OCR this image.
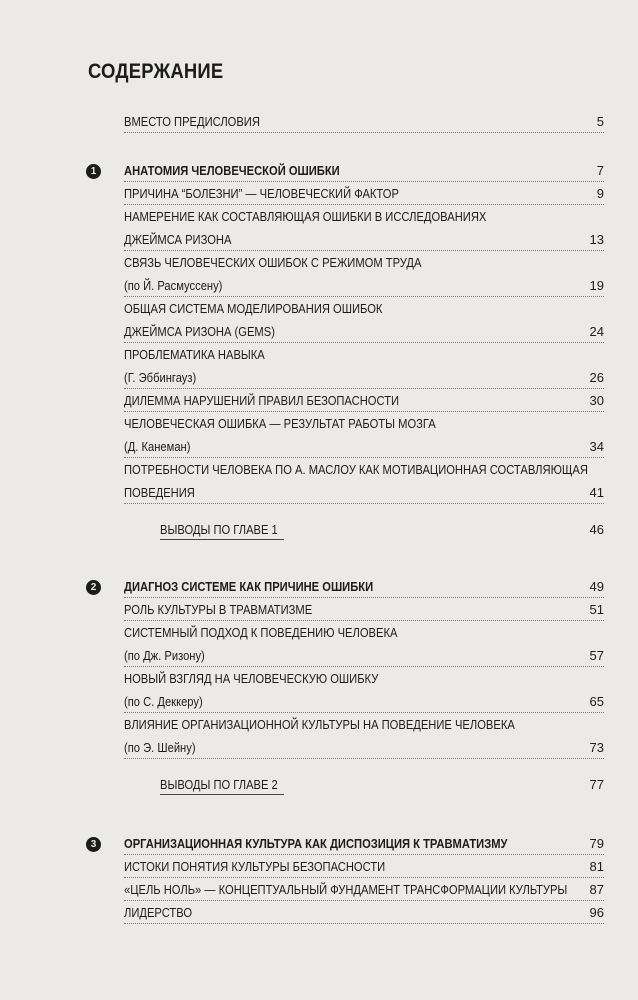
СОДЕРЖАНИЕ
ВМЕСТО ПРЕДИСЛОВИЯ	5
1	АНАТОМИЯ ЧЕЛОВЕЧЕСКОЙ ОШИБКИ	7
ПРИЧИНА “БОЛЕЗНИ” — ЧЕЛОВЕЧЕСКИЙ ФАКТОР	9
НАМЕРЕНИЕ КАК СОСТАВЛЯЮЩАЯ ОШИБКИ В ИССЛЕДОВАНИЯХ
ДЖЕЙМСА РИЗОНА	13
СВЯЗЬ ЧЕЛОВЕЧЕСКИХ ОШИБОК С РЕЖИМОМ ТРУДА
(по Й. Расмуссену)	19
ОБЩАЯ СИСТЕМА МОДЕЛИРОВАНИЯ ОШИБОК
ДЖЕЙМСА РИЗОНА (GEMS)	24
ПРОБЛЕМАТИКА НАВЫКА
(Г. Эббингауз)	26
ДИЛЕММА НАРУШЕНИЙ ПРАВИЛ БЕЗОПАСНОСТИ	30
ЧЕЛОВЕЧЕСКАЯ ОШИБКА — РЕЗУЛЬТАТ РАБОТЫ МОЗГА
(Д. Канеман)	34
ПОТРЕБНОСТИ ЧЕЛОВЕКА ПО А. МАСЛОУ КАК МОТИВАЦИОННАЯ СОСТАВЛЯЮЩАЯ
ПОВЕДЕНИЯ	41
ВЫВОДЫ ПО ГЛАВЕ 1	46
2	ДИАГНОЗ СИСТЕМЕ КАК ПРИЧИНЕ ОШИБКИ	49
РОЛЬ КУЛЬТУРЫ В ТРАВМАТИЗМЕ	51
СИСТЕМНЫЙ ПОДХОД К ПОВЕДЕНИЮ ЧЕЛОВЕКА
(по Дж. Ризону)	57
НОВЫЙ ВЗГЛЯД НА ЧЕЛОВЕЧЕСКУЮ ОШИБКУ
(по С. Деккеру)	65
ВЛИЯНИЕ ОРГАНИЗАЦИОННОЙ КУЛЬТУРЫ НА ПОВЕДЕНИЕ ЧЕЛОВЕКА
(по Э. Шейну)	73
ВЫВОДЫ ПО ГЛАВЕ 2	77
3	ОРГАНИЗАЦИОННАЯ КУЛЬТУРА КАК ДИСПОЗИЦИЯ К ТРАВМАТИЗМУ	79
ИСТОКИ ПОНЯТИЯ КУЛЬТУРЫ БЕЗОПАСНОСТИ	81
«ЦЕЛЬ НОЛЬ» — КОНЦЕПТУАЛЬНЫЙ ФУНДАМЕНТ ТРАНСФОРМАЦИИ КУЛЬТУРЫ 87
ЛИДЕРСТВО	96
